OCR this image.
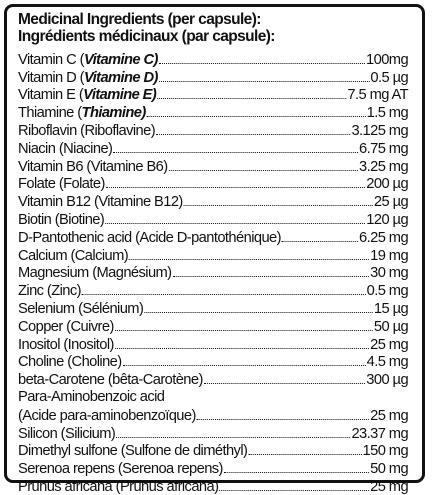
Medicinal Ingredients (per capsule):
Ingrédients médicinaux (par capsule):
Vitamin C (Vitamine C)	100mg
Vitamin D (Vitamine D)	0.5 µg
Vitamin E (Vitamine E)	7.5 mg AT
Thiamine (Thiamine)	1.5 mg
Riboflavin (Riboflavine)	3.125 mg
Niacin (Niacine)	6.75 mg
Vitamin B6 (Vitamine B6)	3.25 mg
Folate (Folate)	200 µg
Vitamin B12 (Vitamine B12)	25 µg
Biotin (Biotine)	120 µg
D-Pantothenic acid (Acide D-pantothénique)	6.25 mg
Calcium (Calcium)	19 mg
Magnesium (Magnésium)	30 mg
Zinc (Zinc)	0.5 mg
Selenium (Sélénium)	15 µg
Copper (Cuivre)	50 µg
Inositol (Inositol)	25 mg
Choline (Choline)	4.5 mg
beta-Carotene (bêta-Carotène)	300 µg
Para-Aminobenzoic acid
(Acide para-aminobenzoïque)	25 mg
Silicon (Silicium)	23.37 mg
Dimethyl sulfone (Sulfone de diméthyl)	150 mg
Serenoa repens (Serenoa repens)	50 mg
Prunus africana (Prunus africana)	25 mg
